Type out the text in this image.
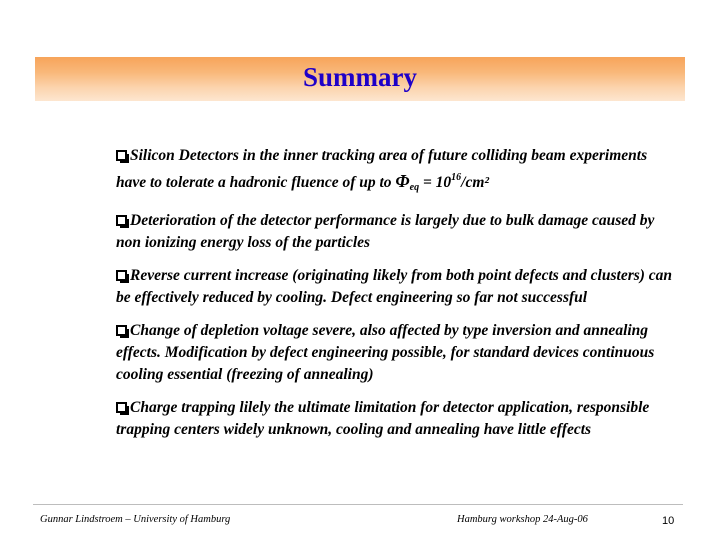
Summary

Silicon Detectors in the inner tracking area of future colliding beam experiments have to tolerate a hadronic fluence of up to $\Phi_{eq} = 10^{16}/cm^2$

Deterioration of the detector performance is largely due to bulk damage caused by non ionizing energy loss of the particles

Reverse current increase (originating likely from both point defects and clusters) can be effectively reduced by cooling. Defect engineering so far not successful

Change of depletion voltage severe, also affected by type inversion and annealing effects. Modification by defect engineering possible, for standard devices continuous cooling essential (freezing of annealing)

Charge trapping lilely the ultimate limitation for detector application, responsible trapping centers widely unknown, cooling and annealing have little effects

Gunnar Lindstroem – University of Hamburg	Hamburg workshop 24-Aug-06	10
